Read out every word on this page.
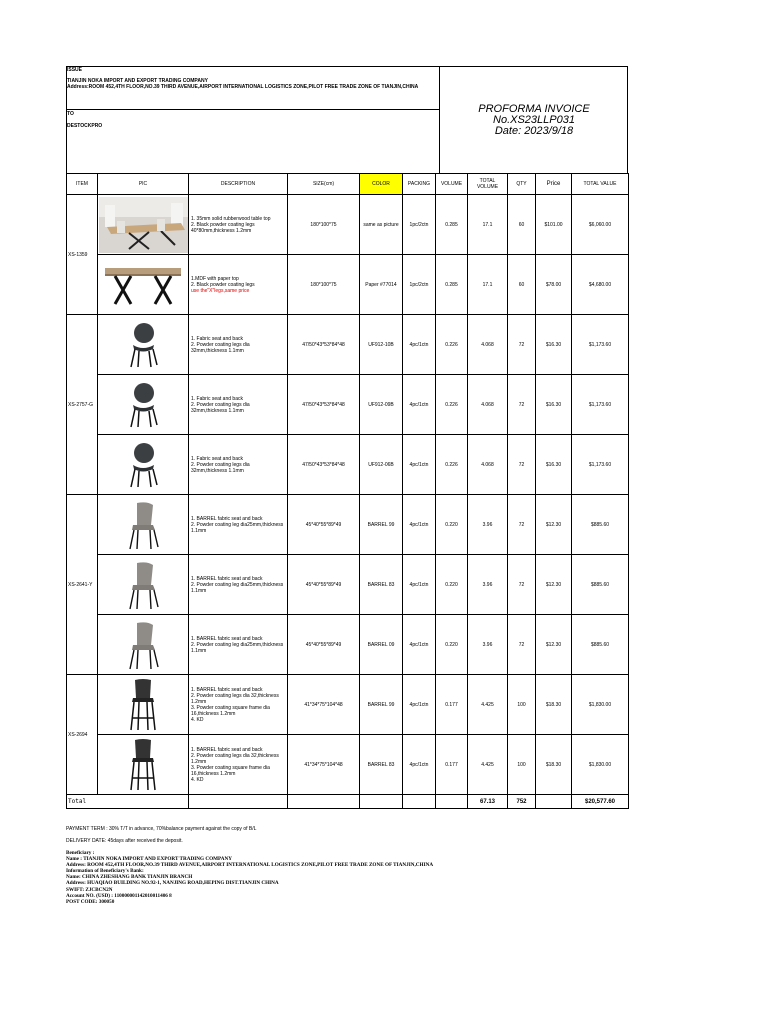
ISSUE
TIANJIN NOKA IMPORT AND EXPORT TRADING COMPANY
Address:ROOM 452,4TH FLOOR,NO.39 THIRD AVENUE,AIRPORT INTERNATIONAL LOGISTICS ZONE,PILOT FREE TRADE ZONE OF TIANJIN,CHINA
TO
DESTOCKPRO
PROFORMA INVOICE
No.XS23LLP031
Date: 2023/9/18
ITEM	PIC	DESCRIPTION	SIZE(cm)	COLOR	PACKING	VOLUME	TOTAL VOLUME	QTY	Price	TOTAL VALUE
XS-1359		1. 35mm solid rubberwood table top
2. Black powder coating legs 40*80mm,thickness 1.2mm	180*100*75	same as picture	1pc/2ctn	0.285	17.1	60	$101.00	$6,060.00

1.MDF with paper top
2. Black powder coating legs
use the"X"legs,same price	180*100*75	Paper #77014	1pc/2ctn	0.285	17.1	60	$78.00	$4,680.00
XS-2757-G		1. Fabric seat and back
2. Powder coating legs dia 32mm,thickness 1.1mm	47/50*43*53*84*48	UF912-10B	4pc/1ctn	0.226	4.068	72	$16.30	$1,173.60

1. Fabric seat and back
2. Powder coating legs dia 32mm,thickness 1.1mm	47/50*43*53*84*48	UF912-09B	4pc/1ctn	0.226	4.068	72	$16.30	$1,173.60

1. Fabric seat and back
2. Powder coating legs dia 32mm,thickness 1.1mm	47/50*43*53*84*48	UF912-06B	4pc/1ctn	0.226	4.068	72	$16.30	$1,173.60
XS-2641-Y		1. BARREL fabric seat and back
2. Powder coating leg dia25mm,thickness 1.1mm	45*40*55*89*49	BARREL 99	4pc/1ctn	0.220	3.96	72	$12.30	$885.60

1. BARREL fabric seat and back
2. Powder coating leg dia25mm,thickness 1.1mm	45*40*55*89*49	BARREL 83	4pc/1ctn	0.220	3.96	72	$12.30	$885.60

1. BARREL fabric seat and back
2. Powder coating leg dia25mm,thickness 1.1mm	45*40*55*89*49	BARREL 09	4pc/1ctn	0.220	3.96	72	$12.30	$885.60
XS-2694		1. BARREL fabric seat and back
2. Powder coating legs dia 32,thickness 1.2mm
3. Powder coating square frame dia 16,thickness 1.2mm
4. KD	41*34*75*104*48	BARREL 99	4pc/1ctn	0.177	4.425	100	$18.30	$1,830.00

1. BARREL fabric seat and back
2. Powder coating legs dia 32,thickness 1.2mm
3. Powder coating square frame dia 16,thickness 1.2mm
4. KD	41*34*75*104*48	BARREL 83	4pc/1ctn	0.177	4.425	100	$18.30	$1,830.00
Total							67.13	752		$20,577.60
PAYMENT TERM : 30% T/T in advance, 70%balance payment against the copy of B/L
DELIVERY DATE: 45days after received the deposit.
Beneficiary :
Name : TIANJIN NOKA IMPORT AND EXPORT TRADING COMPANY
Address: ROOM 452,4TH FLOOR,NO.39 THIRD AVENUE,AIRPORT INTERNATIONAL LOGISTICS ZONE,PILOT FREE TRADE ZONE OF TIANJIN,CHINA
Information of Beneficiary's Bank:
Name: CHINA ZHESHANG BANK TIANJIN BRANCH
Address: HUAQIAO BUILDING NO.92-1, NANJING ROAD,HEPING DIST.TIANJIN CHINA
SWIFT: ZJCBCN2N
Account NO. (USD) : 110000001142010011406 8
POST CODE: 300050
